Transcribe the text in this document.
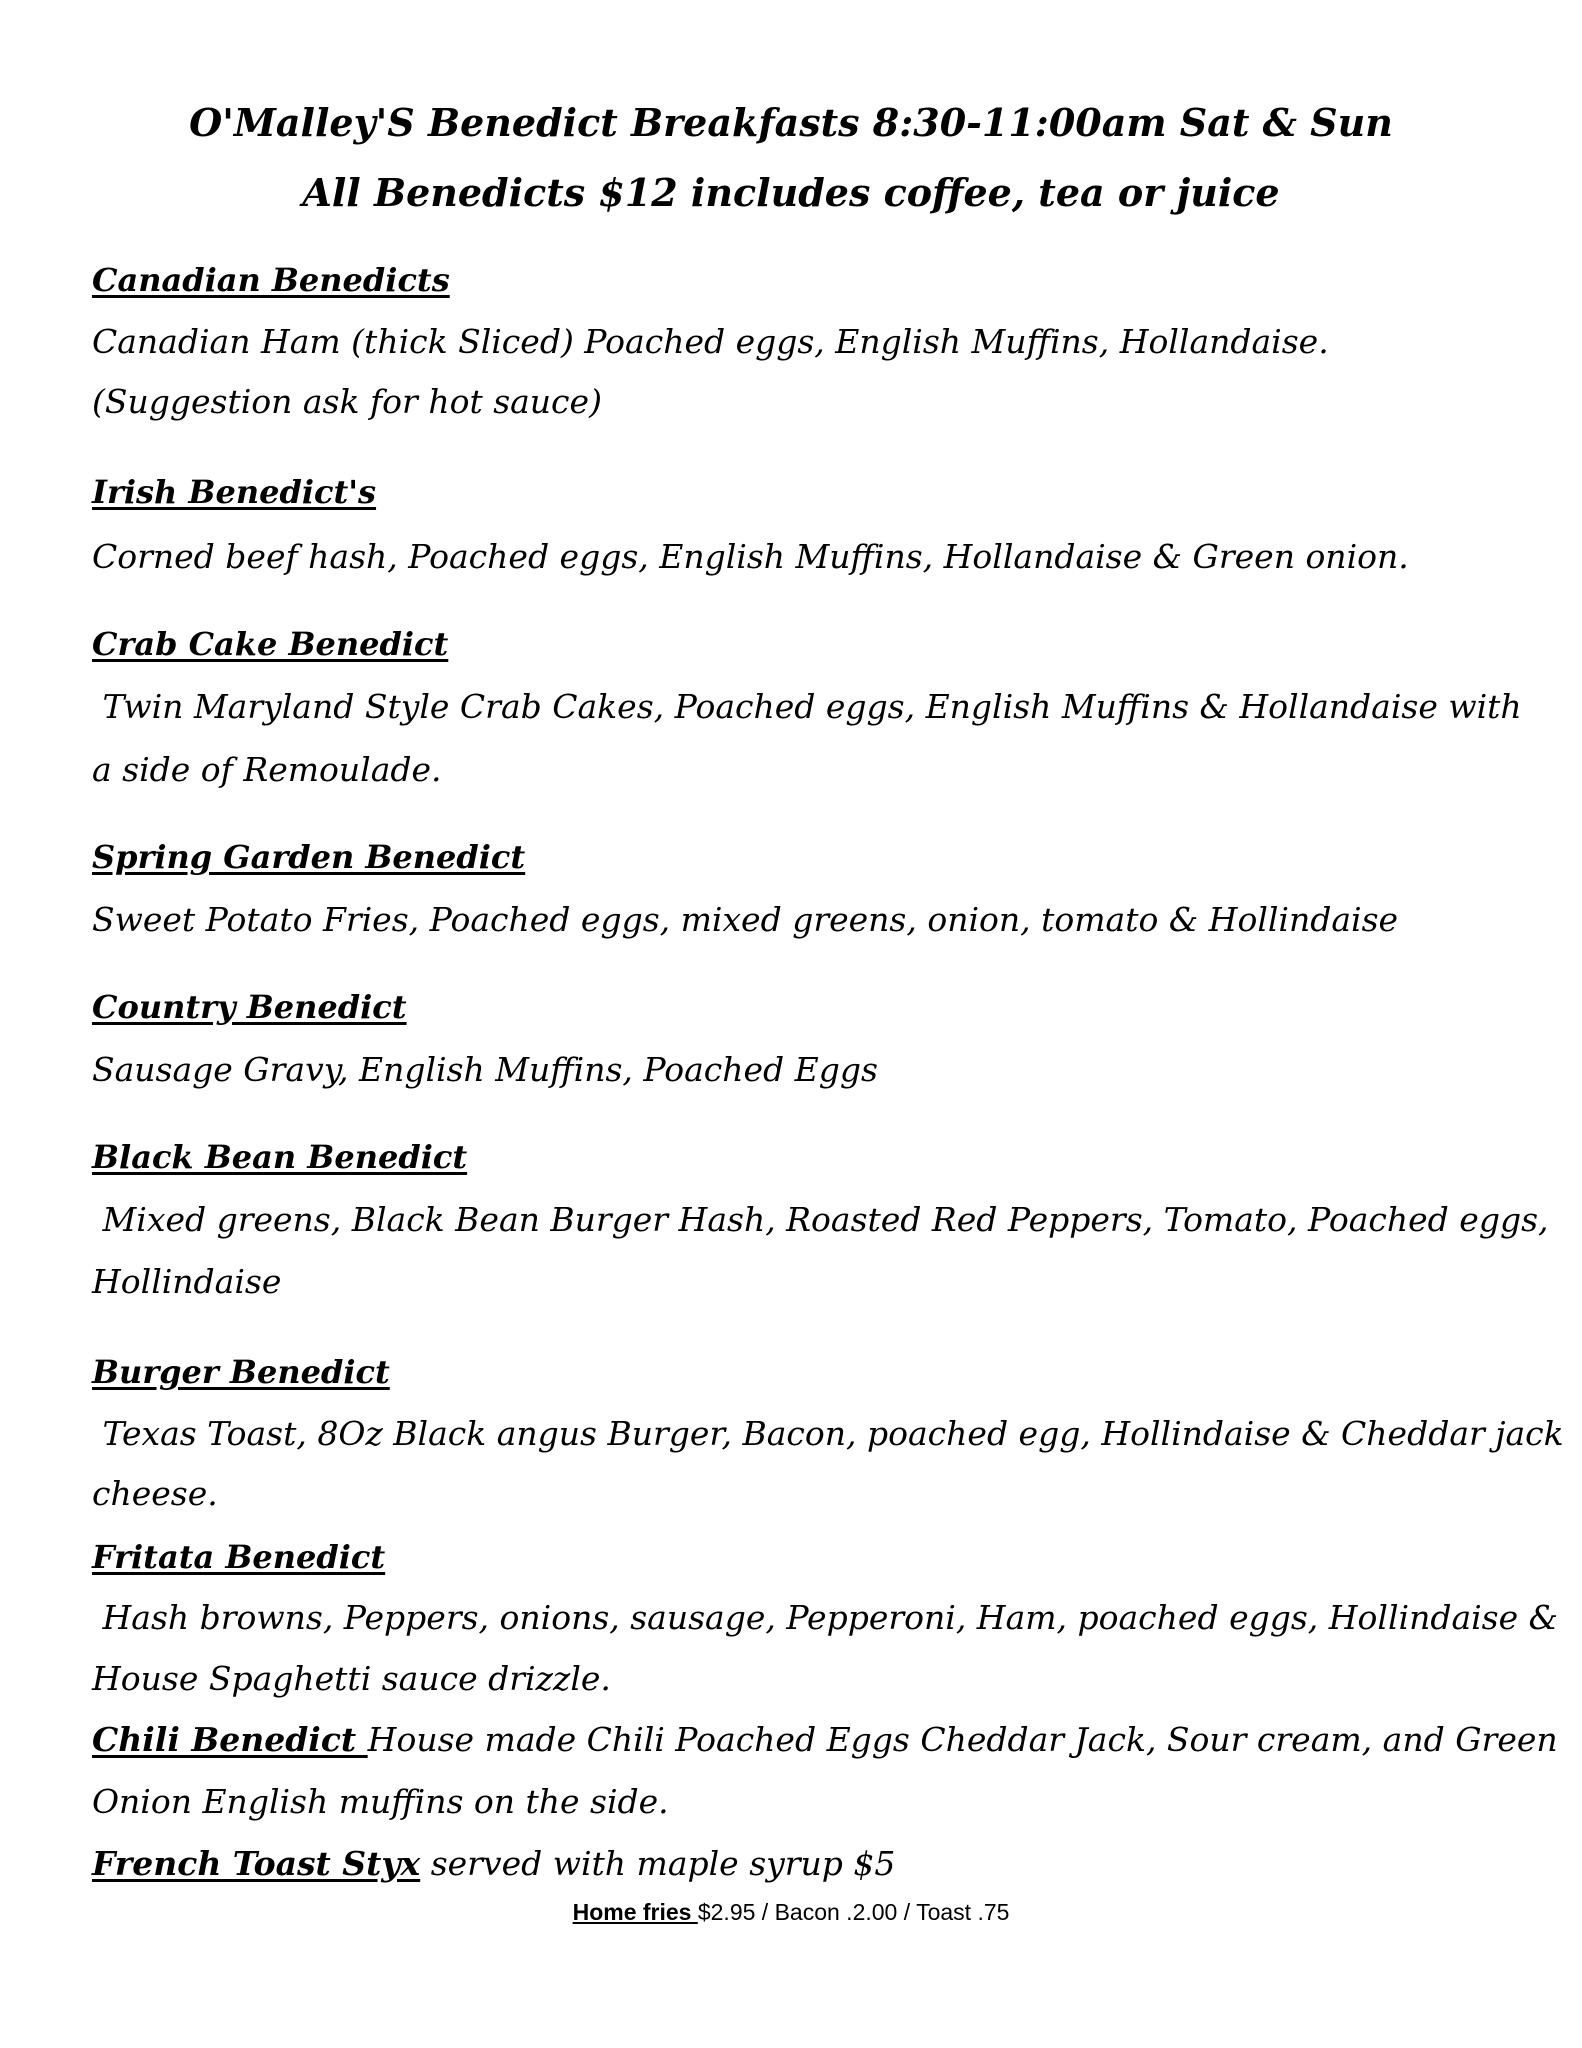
O'Malley'S Benedict Breakfasts 8:30-11:00am Sat & Sun
All Benedicts $12 includes coffee, tea or juice
Canadian Benedicts
Canadian Ham (thick Sliced) Poached eggs, English Muffins, Hollandaise.
(Suggestion ask for hot sauce)
Irish Benedict's
Corned beef hash, Poached eggs, English Muffins, Hollandaise & Green onion.
Crab Cake Benedict
Twin Maryland Style Crab Cakes, Poached eggs, English Muffins & Hollandaise with
a side of Remoulade.
Spring Garden Benedict
Sweet Potato Fries, Poached eggs, mixed greens, onion, tomato & Hollindaise
Country Benedict
Sausage Gravy, English Muffins, Poached Eggs
Black Bean Benedict
Mixed greens, Black Bean Burger Hash, Roasted Red Peppers, Tomato, Poached eggs,
Hollindaise
Burger Benedict
Texas Toast, 8Oz Black angus Burger, Bacon, poached egg, Hollindaise & Cheddar jack
cheese.
Fritata Benedict
Hash browns, Peppers, onions, sausage, Pepperoni, Ham, poached eggs, Hollindaise &
House Spaghetti sauce drizzle.
Chili Benedict House made Chili Poached Eggs Cheddar Jack, Sour cream, and Green
Onion English muffins on the side.
French Toast Styx served with maple syrup $5
Home fries $2.95 / Bacon .2.00 / Toast .75
